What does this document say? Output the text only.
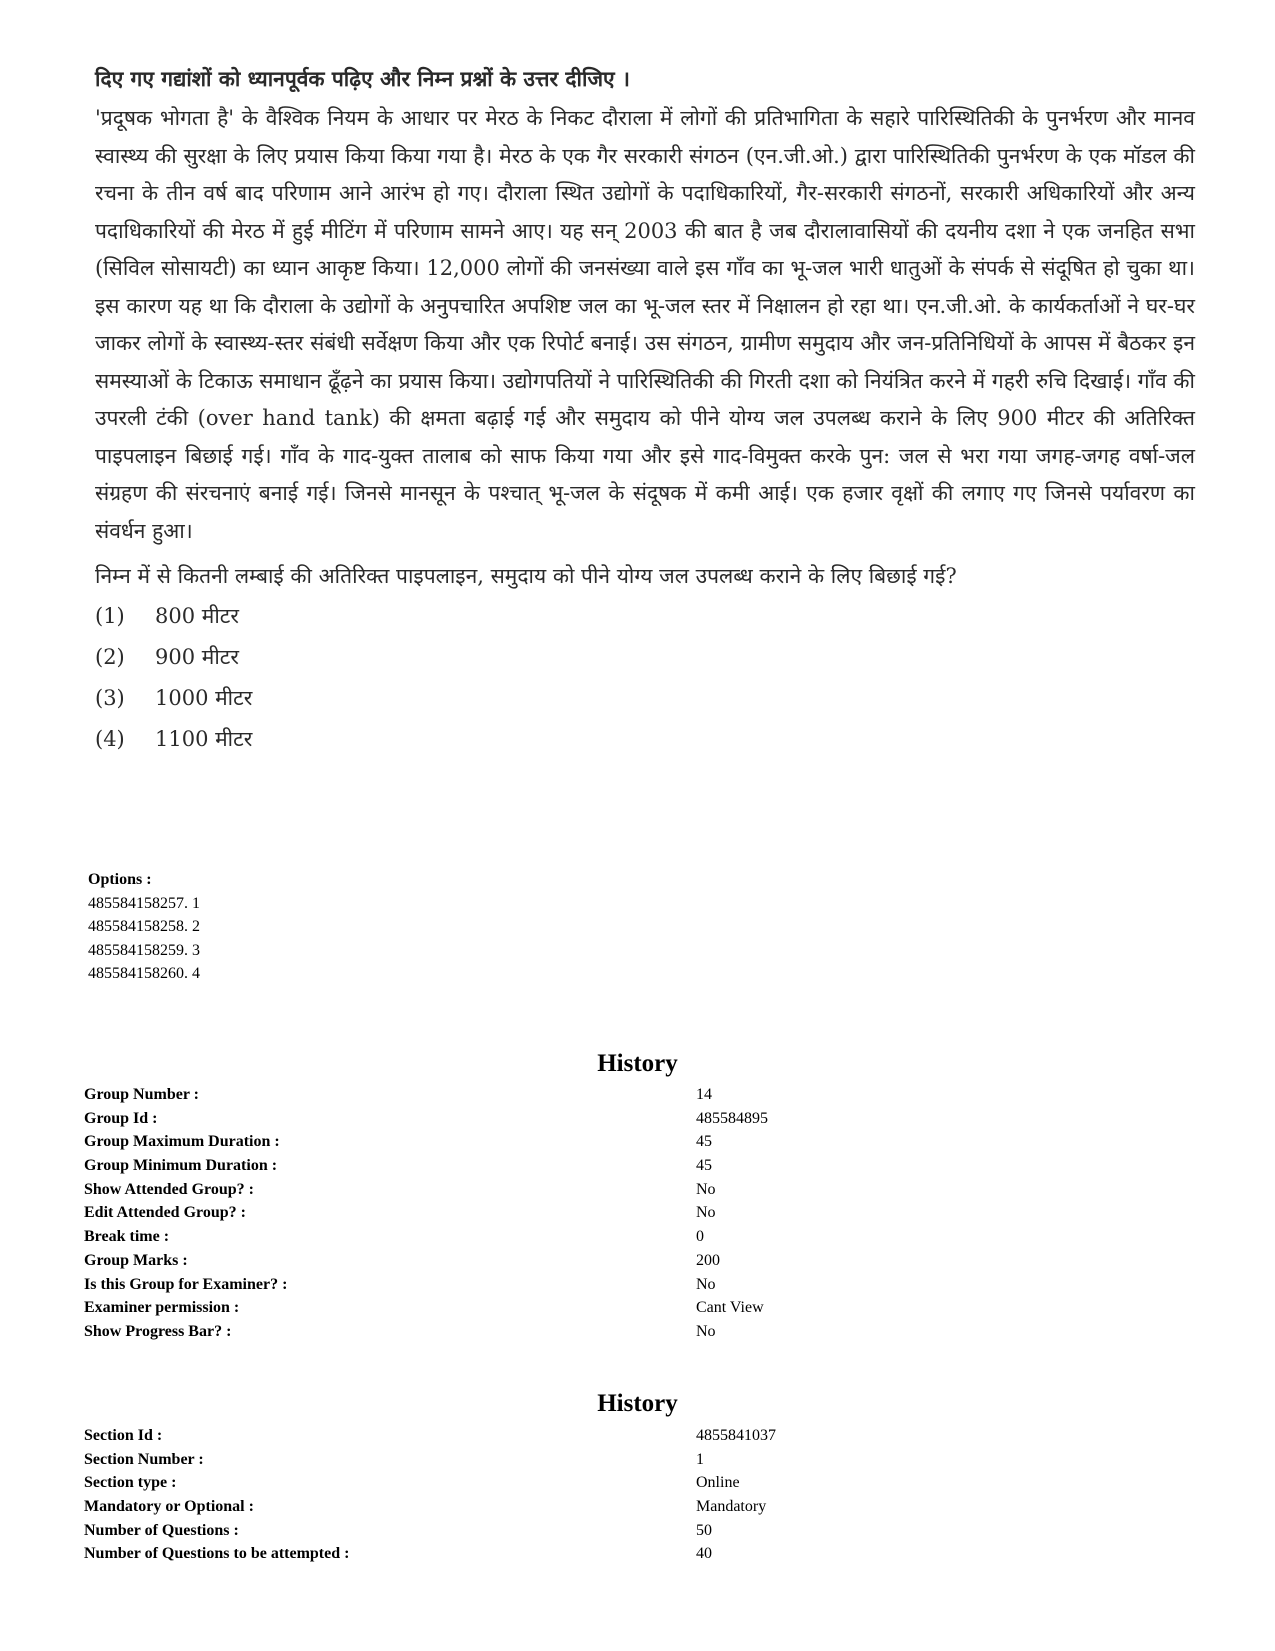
दिए गए गद्यांशों को ध्यानपूर्वक पढ़िए और निम्न प्रश्नों के उत्तर दीजिए ।

'प्रदूषक भोगता है' के वैश्विक नियम के आधार पर मेरठ के निकट दौराला में लोगों की प्रतिभागिता के सहारे पारिस्थितिकी के पुनर्भरण और मानव स्वास्थ्य की सुरक्षा के लिए प्रयास किया किया गया है। मेरठ के एक गैर सरकारी संगठन (एन.जी.ओ.) द्वारा पारिस्थितिकी पुनर्भरण के एक मॉडल की रचना के तीन वर्ष बाद परिणाम आने आरंभ हो गए। दौराला स्थित उद्योगों के पदाधिकारियों, गैर-सरकारी संगठनों, सरकारी अधिकारियों और अन्य पदाधिकारियों की मेरठ में हुई मीटिंग में परिणाम सामने आए। यह सन् 2003 की बात है जब दौरालावासियों की दयनीय दशा ने एक जनहित सभा (सिविल सोसायटी) का ध्यान आकृष्ट किया। 12,000 लोगों की जनसंख्या वाले इस गाँव का भू-जल भारी धातुओं के संपर्क से संदूषित हो चुका था। इस कारण यह था कि दौराला के उद्योगों के अनुपचारित अपशिष्ट जल का भू-जल स्तर में निक्षालन हो रहा था। एन.जी.ओ. के कार्यकर्ताओं ने घर-घर जाकर लोगों के स्वास्थ्य-स्तर संबंधी सर्वेक्षण किया और एक रिपोर्ट बनाई। उस संगठन, ग्रामीण समुदाय और जन-प्रतिनिधियों के आपस में बैठकर इन समस्याओं के टिकाऊ समाधान ढूँढ़ने का प्रयास किया। उद्योगपतियों ने पारिस्थितिकी की गिरती दशा को नियंत्रित करने में गहरी रुचि दिखाई। गाँव की उपरली टंकी (over hand tank) की क्षमता बढ़ाई गई और समुदाय को पीने योग्य जल उपलब्ध कराने के लिए 900 मीटर की अतिरिक्त पाइपलाइन बिछाई गई। गाँव के गाद-युक्त तालाब को साफ किया गया और इसे गाद-विमुक्त करके पुन: जल से भरा गया जगह-जगह वर्षा-जल संग्रहण की संरचनाएं बनाई गई। जिनसे मानसून के पश्चात् भू-जल के संदूषक में कमी आई। एक हजार वृक्षों की लगाए गए जिनसे पर्यावरण का संवर्धन हुआ।

निम्न में से कितनी लम्बाई की अतिरिक्त पाइपलाइन, समुदाय को पीने योग्य जल उपलब्ध कराने के लिए बिछाई गई?
(1)	800 मीटर
(2)	900 मीटर
(3)	1000 मीटर
(4)	1100 मीटर
Options :
485584158257. 1
485584158258. 2
485584158259. 3
485584158260. 4
History
Group Number :	14
Group Id :	485584895
Group Maximum Duration :	45
Group Minimum Duration :	45
Show Attended Group? :	No
Edit Attended Group? :	No
Break time :	0
Group Marks :	200
Is this Group for Examiner? :	No
Examiner permission :	Cant View
Show Progress Bar? :	No
History
Section Id :	4855841037
Section Number :	1
Section type :	Online
Mandatory or Optional :	Mandatory
Number of Questions :	50
Number of Questions to be attempted :	40
